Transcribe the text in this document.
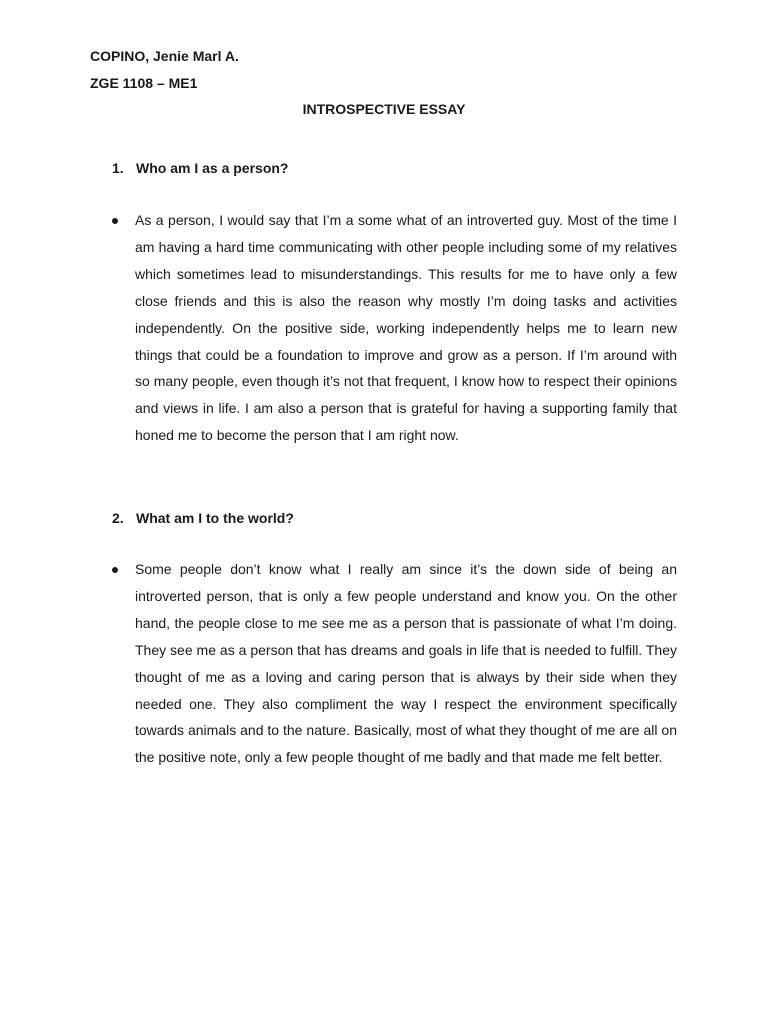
COPINO, Jenie Marl A.
ZGE 1108 – ME1
INTROSPECTIVE ESSAY
1. Who am I as a person?

As a person, I would say that I’m a some what of an introverted guy. Most of the time I am having a hard time communicating with other people including some of my relatives which sometimes lead to misunderstandings. This results for me to have only a few close friends and this is also the reason why mostly I’m doing tasks and activities independently. On the positive side, working independently helps me to learn new things that could be a foundation to improve and grow as a person. If I’m around with so many people, even though it’s not that frequent, I know how to respect their opinions and views in life. I am also a person that is grateful for having a supporting family that honed me to become the person that I am right now.

2. What am I to the world?

Some people don’t know what I really am since it’s the down side of being an introverted person, that is only a few people understand and know you. On the other hand, the people close to me see me as a person that is passionate of what I’m doing. They see me as a person that has dreams and goals in life that is needed to fulfill. They thought of me as a loving and caring person that is always by their side when they needed one. They also compliment the way I respect the environment specifically towards animals and to the nature. Basically, most of what they thought of me are all on the positive note, only a few people thought of me badly and that made me felt better.
